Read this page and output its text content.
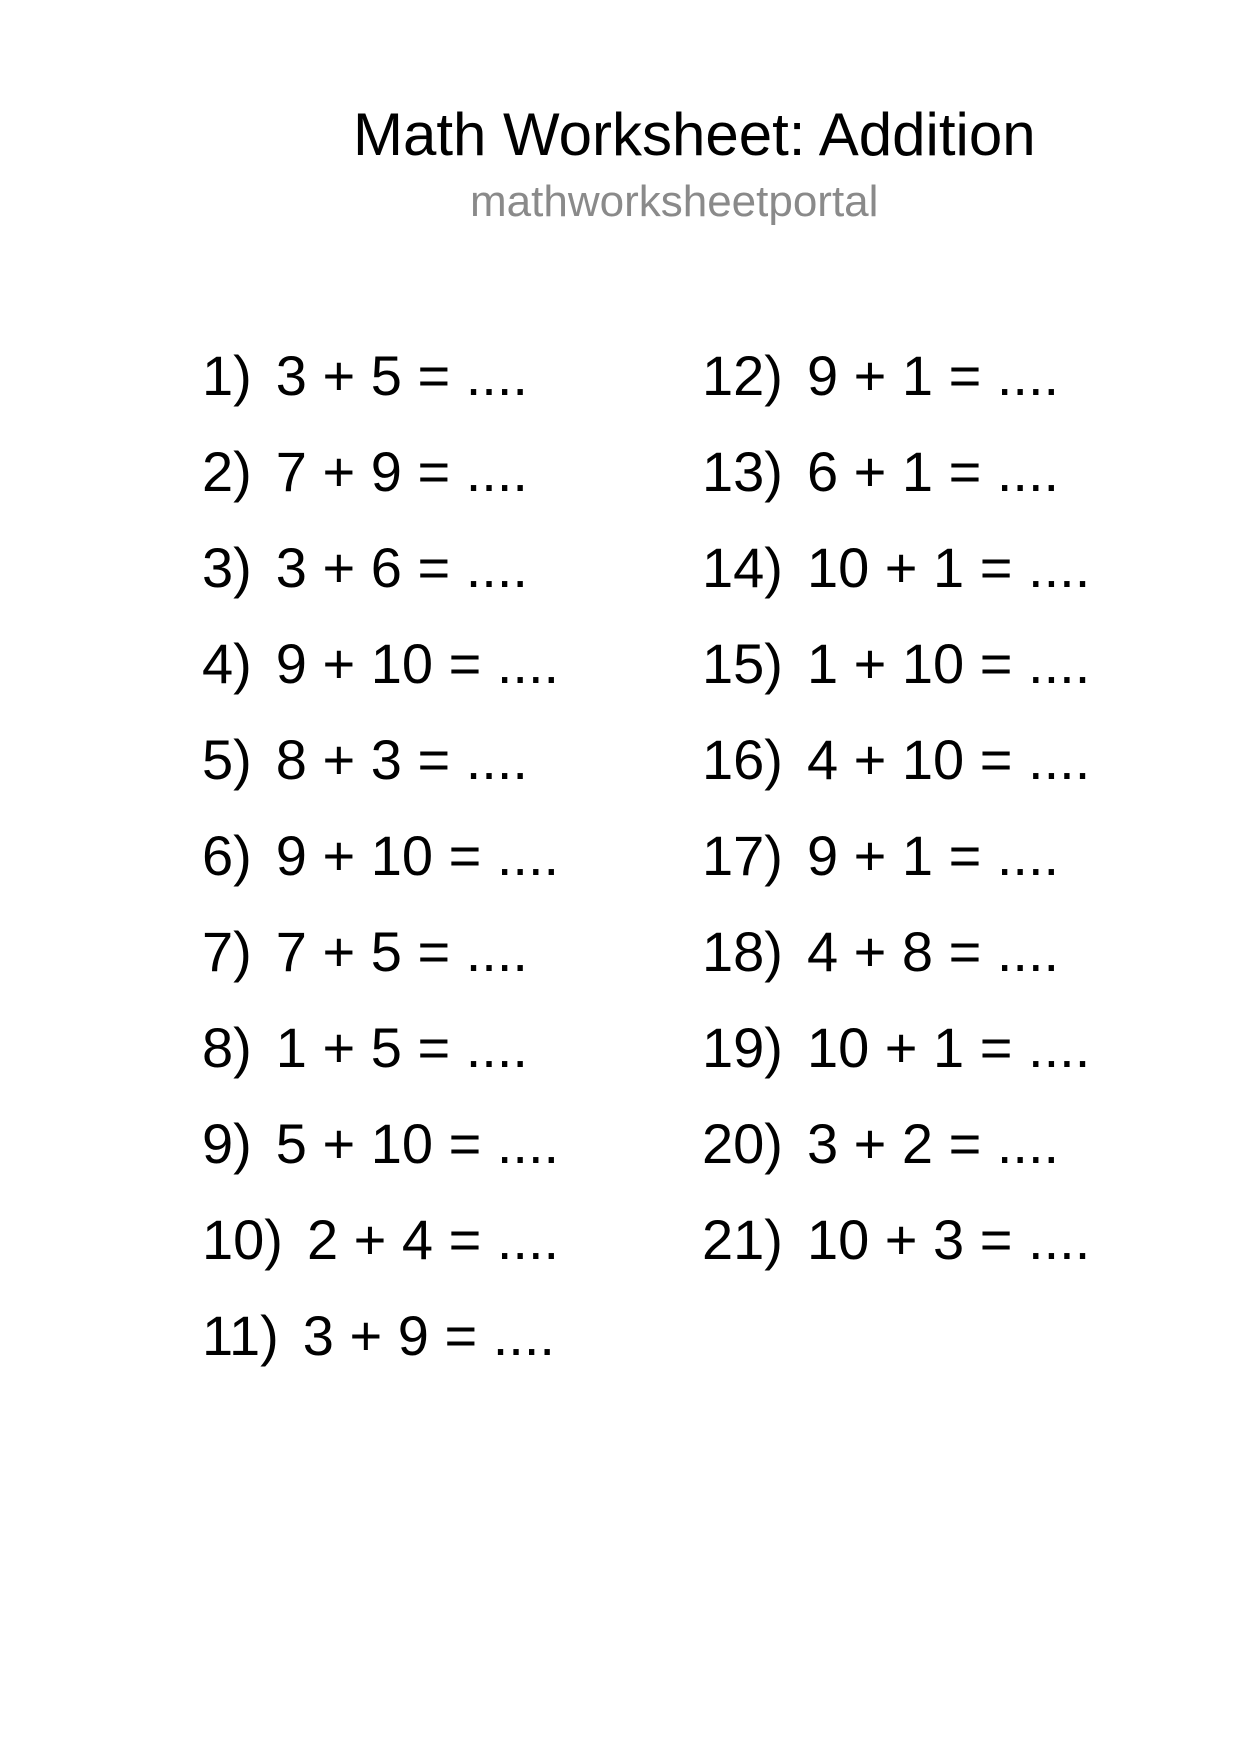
Math Worksheet: Addition
mathworksheetportal
1) 3 + 5 = ....
2) 7 + 9 = ....
3) 3 + 6 = ....
4) 9 + 10 = ....
5) 8 + 3 = ....
6) 9 + 10 = ....
7) 7 + 5 = ....
8) 1 + 5 = ....
9) 5 + 10 = ....
10) 2 + 4 = ....
11) 3 + 9 = ....
12) 9 + 1 = ....
13) 6 + 1 = ....
14) 10 + 1 = ....
15) 1 + 10 = ....
16) 4 + 10 = ....
17) 9 + 1 = ....
18) 4 + 8 = ....
19) 10 + 1 = ....
20) 3 + 2 = ....
21) 10 + 3 = ....
